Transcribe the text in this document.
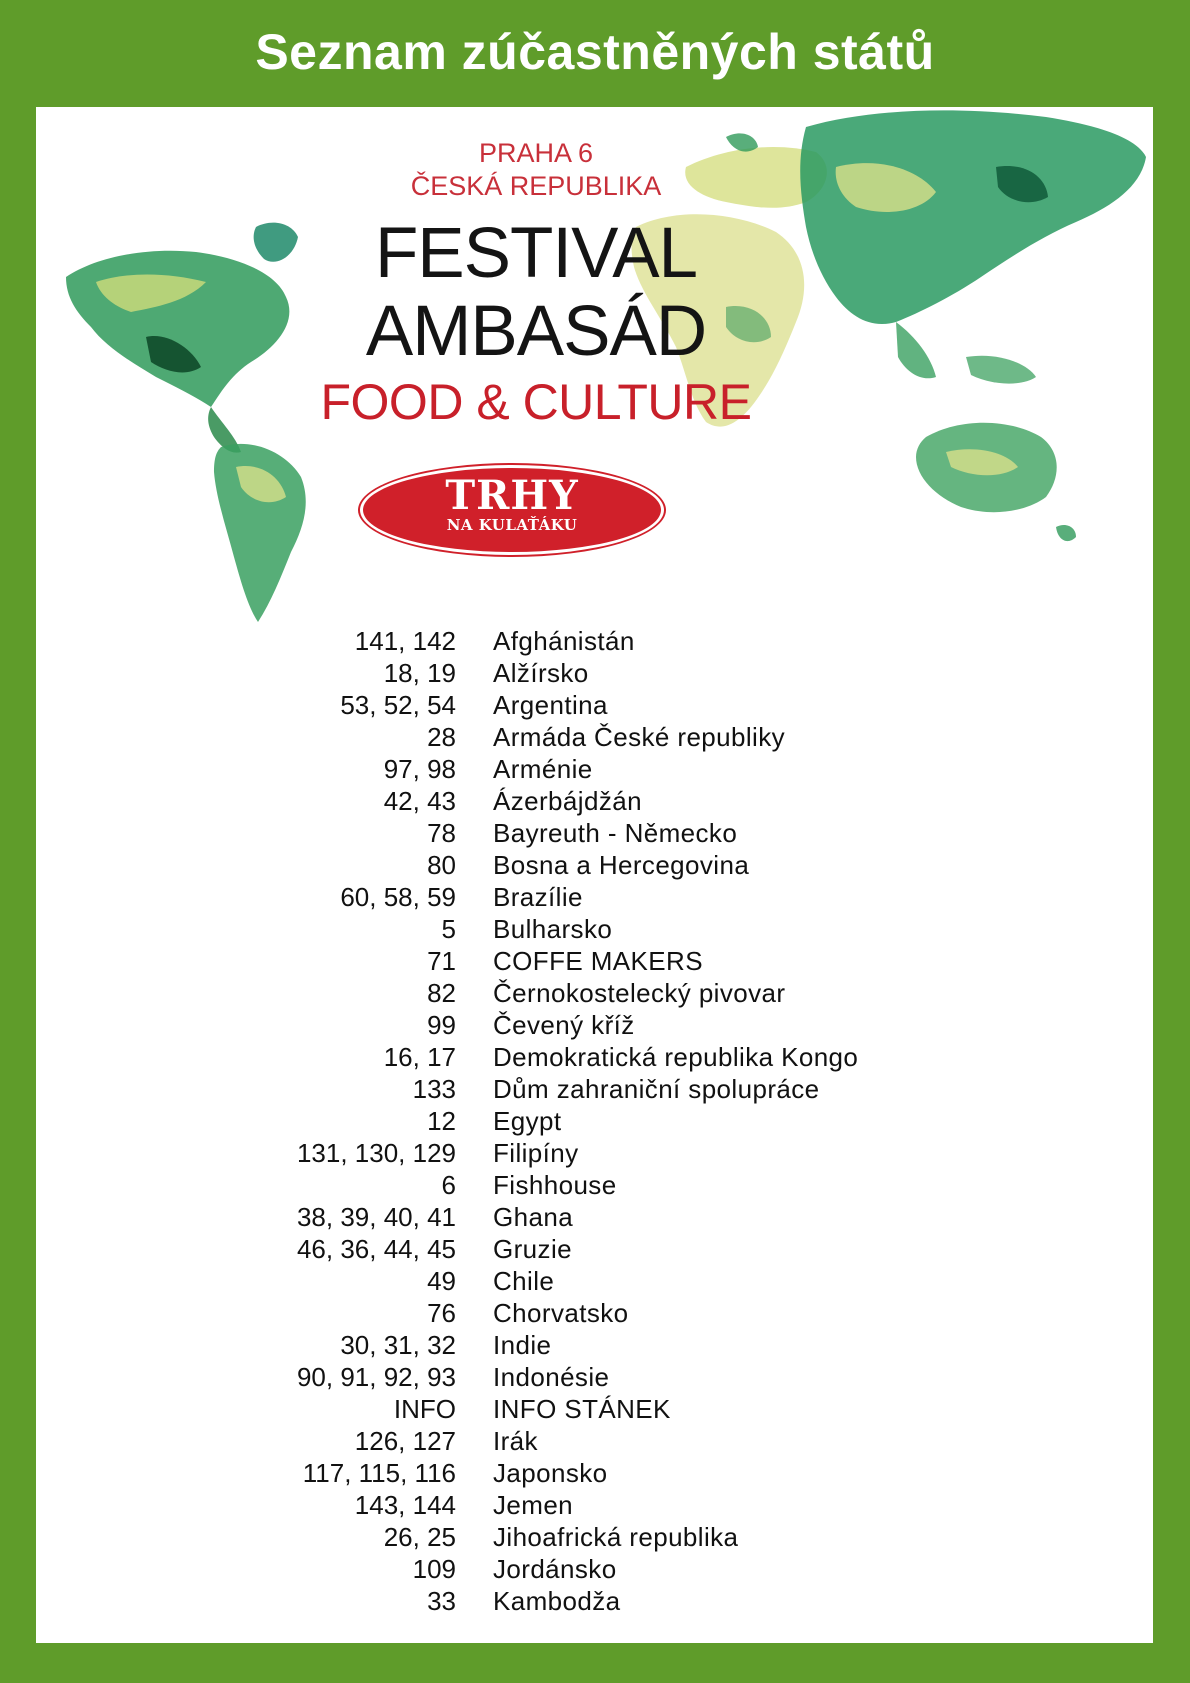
Seznam zúčastněných států
PRAHA 6
ČESKÁ REPUBLIKA
FESTIVAL
AMBASÁD
FOOD & CULTURE
TRHY
NA KULAŤÁKU
141, 142 Afghánistán
18, 19 Alžírsko
53, 52, 54 Argentina
28 Armáda České republiky
97, 98 Arménie
42, 43 Ázerbájdžán
78 Bayreuth - Německo
80 Bosna a Hercegovina
60, 58, 59 Brazílie
5 Bulharsko
71 COFFE MAKERS
82 Černokostelecký pivovar
99 Čevený kříž
16, 17 Demokratická republika Kongo
133 Dům zahraniční spolupráce
12 Egypt
131, 130, 129 Filipíny
6 Fishhouse
38, 39, 40, 41 Ghana
46, 36, 44, 45 Gruzie
49 Chile
76 Chorvatsko
30, 31, 32 Indie
90, 91, 92, 93 Indonésie
INFO INFO STÁNEK
126, 127 Irák
117, 115, 116 Japonsko
143, 144 Jemen
26, 25 Jihoafrická republika
109 Jordánsko
33 Kambodža
